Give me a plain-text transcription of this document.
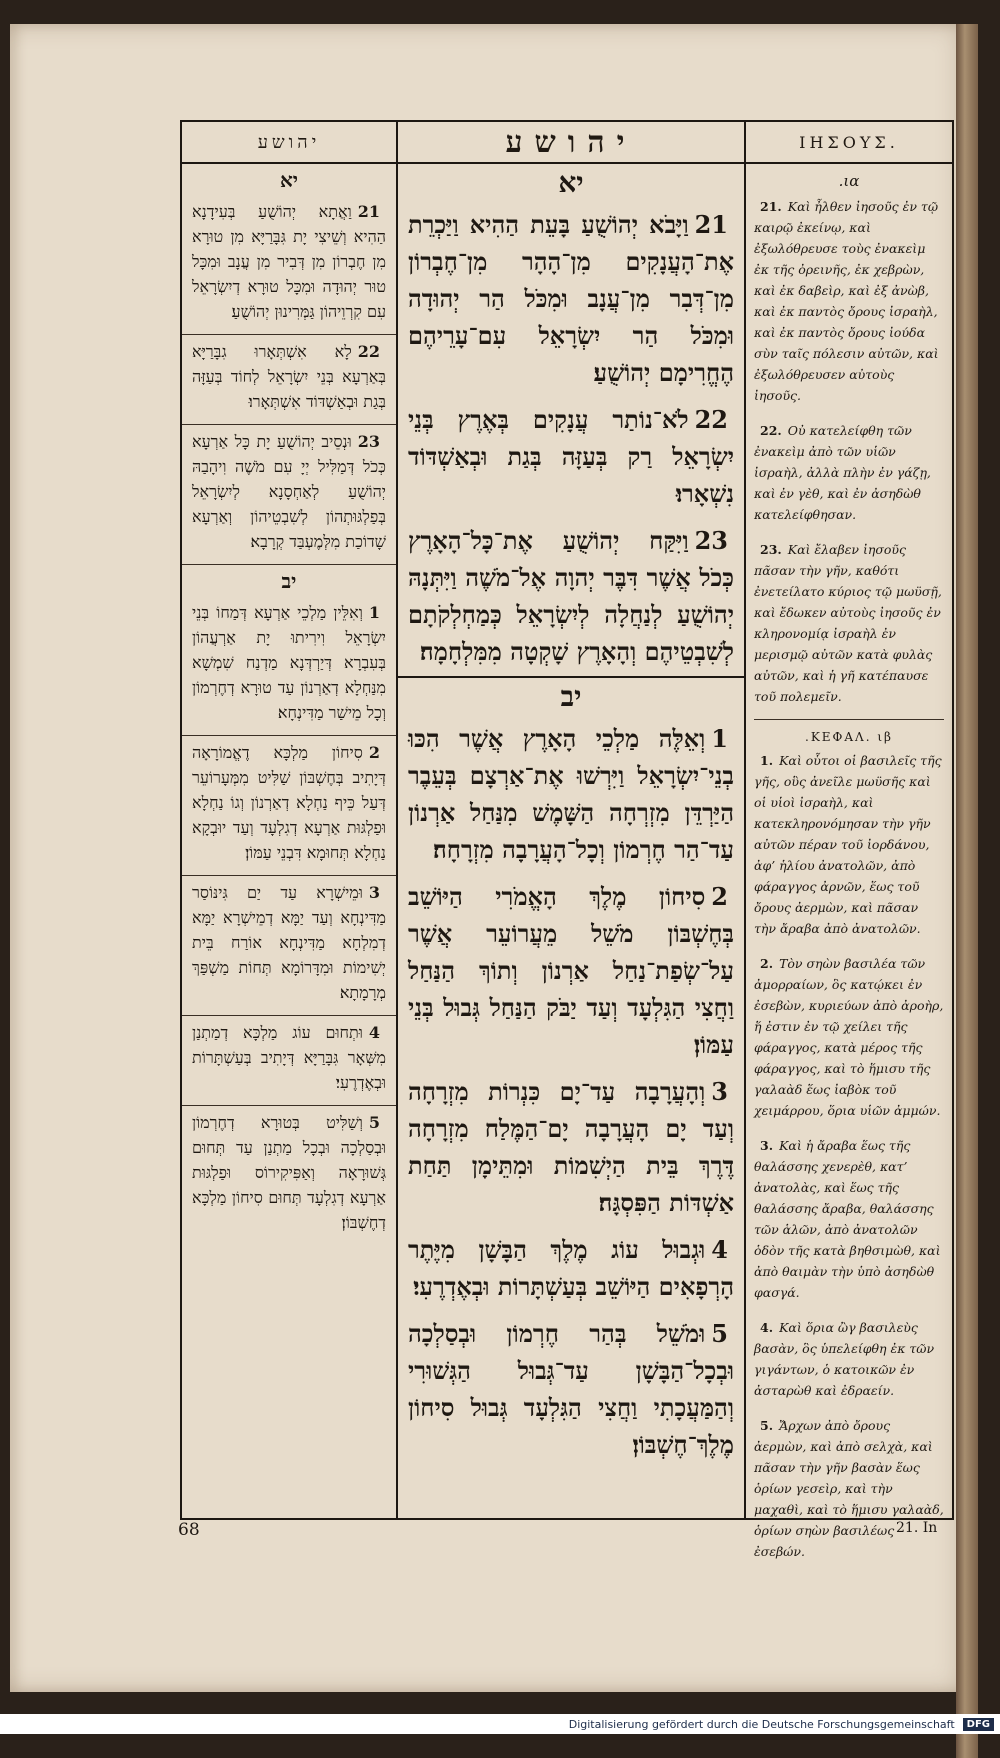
יהושע
יא
21וַאֲתָא יְהוֹשֻׁעַ בְּעִידָנָא הַהִיא וְשֵׁיצִי יָת גִּבָּרַיָּא מִן טוּרָא מִן חֶבְרוֹן מִן דְּבִיר מִן עֲנָב וּמִכָּל טוּר יְהוּדָה וּמִכָּל טוּרָא דְיִשְׂרָאֵל עִם קִרְוֵיהוֹן גַּמְּרִינוּן יְהוֹשֻׁעַ׃
22לָא אִשְׁתְּאָרוּ גִבָּרַיָּא בְּאַרְעָא בְּנֵי יִשְׂרָאֵל לְחוֹד בְּעַזָּה בְּגַת וּבְאַשְׁדּוֹד אִשְׁתְּאָרוּ׃
23וּנְסֵיב יְהוֹשֻׁעַ יָת כָּל אַרְעָא כְּכֹל דְּמַלִּיל יְיָ עִם מֹשֶׁה וִיהָבַהּ יְהוֹשֻׁעַ לְאַחְסָנָא לְיִשְׂרָאֵל בְּפַלְגּוּתְהוֹן לְשִׁבְטֵיהוֹן וְאַרְעָא שָׁדוֹכַת מִלְּמֶעְבַּד קְרָבָא׃
יב
1וְאִלֵּין מַלְכֵי אַרְעָא דְּמַחוֹ בְּנֵי יִשְׂרָאֵל וִירִיתוּ יָת אַרְעֲהוֹן בְּעִבְרָא דְּיַרְדְּנָא מַדְנַח שִׁמְשָׁא מִנַּחְלָא דְאַרְנוֹן עַד טוּרָא דְחֶרְמוֹן וְכָל מֵישַׁר מַדִּינְחָא׃
2סִיחוֹן מַלְכָּא דֶאֱמוֹרָאָה דְּיָתִיב בְּחֶשְׁבּוֹן שַׁלִּיט מִמְּעָרוֹעֵר דְּעַל כֵּיף נַחְלָא דְאַרְנוֹן וְגוֹ נַחְלָא וּפַלְגּוּת אַרְעָא דְגִלְעָד וְעַד יוּבְקָא נַחְלָא תְּחוּמָא דִּבְנֵי עַמּוֹן׃
3וּמֵישְׁרָא עַד יַם גִּינּוֹסַר מַדִּינְחָא וְעַד יַמָּא דְמֵישְׁרָא יַמָּא דְמִלְחָא מַדִּינְחָא אוֹרַח בֵּית יְשִׁימוֹת וּמִדָּרוֹמָא תְּחוֹת מַשְׁפַּךְ מְרָמָתָא׃
4וּתְחוּם עוֹג מַלְכָּא דְמַתְנַן מִשְּׁאָר גִּבָּרַיָּא דְּיָתִיב בְּעַשְׁתָּרוֹת וּבְאֶדְרֶעִי׃
5וְשַׁלִּיט בְּטוּרָא דְחֶרְמוֹן וּבְסַלְכָה וּבְכָל מַתְנַן עַד תְּחוּם גְּשׁוּרָאָה וְאַפִּיקִירוֹס וּפַלְגּוּת אַרְעָא דְגִלְעָד תְּחוּם סִיחוֹן מַלְכָּא דְחֶשְׁבּוֹן׃
יהושע
יא
21וַיָּבֹא יְהוֹשֻׁעַ בָּעֵת הַהִיא וַיַּכְרֵת אֶת־הָעֲנָקִים מִן־הָהָר מִן־חֶבְרוֹן מִן־דְּבִר מִן־עֲנָב וּמִכֹּל הַר יְהוּדָה וּמִכֹּל הַר יִשְׂרָאֵל עִם־עָרֵיהֶם הֶחֱרִימָם יְהוֹשֻׁעַ׃
22לֹא־נוֹתַר עֲנָקִים בְּאֶרֶץ בְּנֵי יִשְׂרָאֵל רַק בְּעַזָּה בְּגַת וּבְאַשְׁדּוֹד נִשְׁאָרוּ׃
23וַיִּקַּח יְהוֹשֻׁעַ אֶת־כָּל־הָאָרֶץ כְּכֹל אֲשֶׁר דִּבֶּר יְהוָה אֶל־מֹשֶׁה וַיִּתְּנָהּ יְהוֹשֻׁעַ לְנַחֲלָה לְיִשְׂרָאֵל כְּמַחְלְקֹתָם לְשִׁבְטֵיהֶם וְהָאָרֶץ שָׁקְטָה מִמִּלְחָמָה׃
יב
1וְאֵלֶּה מַלְכֵי הָאָרֶץ אֲשֶׁר הִכּוּ בְנֵי־יִשְׂרָאֵל וַיִּרְשׁוּ אֶת־אַרְצָם בְּעֵבֶר הַיַּרְדֵּן מִזְרְחָה הַשָּׁמֶשׁ מִנַּחַל אַרְנוֹן עַד־הַר חֶרְמוֹן וְכָל־הָעֲרָבָה מִזְרָחָה׃
2סִיחוֹן מֶלֶךְ הָאֱמֹרִי הַיּוֹשֵׁב בְּחֶשְׁבּוֹן מֹשֵׁל מֵעֲרוֹעֵר אֲשֶׁר עַל־שְׂפַת־נַחַל אַרְנוֹן וְתוֹךְ הַנַּחַל וַחֲצִי הַגִּלְעָד וְעַד יַבֹּק הַנַּחַל גְּבוּל בְּנֵי עַמּוֹן׃
3וְהָעֲרָבָה עַד־יָם כִּנְרוֹת מִזְרָחָה וְעַד יָם הָעֲרָבָה יָם־הַמֶּלַח מִזְרָחָה דֶּרֶךְ בֵּית הַיְשִׁמוֹת וּמִתֵּימָן תַּחַת אַשְׁדּוֹת הַפִּסְגָּה׃
4וּגְבוּל עוֹג מֶלֶךְ הַבָּשָׁן מִיֶּתֶר הָרְפָאִים הַיּוֹשֵׁב בְּעַשְׁתָּרוֹת וּבְאֶדְרֶעִי׃
5וּמֹשֵׁל בְּהַר חֶרְמוֹן וּבְסַלְכָה וּבְכָל־הַבָּשָׁן עַד־גְּבוּל הַגְּשׁוּרִי וְהַמַּעֲכָתִי וַחֲצִי הַגִּלְעָד גְּבוּל סִיחוֹן מֶלֶךְ־חֶשְׁבּוֹן׃
ΙΗΣΟΥΣ.
ια.
21. Καὶ ἦλθεν ἰησοῦς ἐν τῷ καιρῷ ἐκείνῳ, καὶ ἐξωλόθρευσε τοὺς ἐνακεὶμ ἐκ τῆς ὀρεινῆς, ἐκ χεβρὼν, καὶ ἐκ δαβεὶρ, καὶ ἐξ ἀνὼβ, καὶ ἐκ παντὸς ὄρους ἰσραὴλ, καὶ ἐκ παντὸς ὄρους ἰούδα σὺν ταῖς πόλεσιν αὐτῶν, καὶ ἐξωλόθρευσεν αὐτοὺς ἰησοῦς.
22. Οὐ κατελείφθη τῶν ἐνακεὶμ ἀπὸ τῶν υἱῶν ἰσραὴλ, ἀλλὰ πλὴν ἐν γάζῃ, καὶ ἐν γὲθ, καὶ ἐν ἀσηδὼθ κατελείφθησαν.
23. Καὶ ἔλαβεν ἰησοῦς πᾶσαν τὴν γῆν, καθότι ἐνετείλατο κύριος τῷ μωϋσῇ, καὶ ἔδωκεν αὐτοὺς ἰησοῦς ἐν κληρονομίᾳ ἰσραὴλ ἐν μερισμῷ αὐτῶν κατὰ φυλὰς αὐτῶν, καὶ ἡ γῆ κατέπαυσε τοῦ πολεμεῖν.
ΚΕΦΑΛ. ιβ.
1. Καὶ οὗτοι οἱ βασιλεῖς τῆς γῆς, οὓς ἀνεῖλε μωϋσῆς καὶ οἱ υἱοὶ ἰσραὴλ, καὶ κατεκληρονόμησαν τὴν γῆν αὐτῶν πέραν τοῦ ἰορδάνου, ἀφ’ ἡλίου ἀνατολῶν, ἀπὸ φάραγγος ἀρνῶν, ἕως τοῦ ὄρους ἀερμὼν, καὶ πᾶσαν τὴν ἄραβα ἀπὸ ἀνατολῶν.
2. Τὸν σηὼν βασιλέα τῶν ἀμορραίων, ὃς κατῴκει ἐν ἐσεβὼν, κυριεύων ἀπὸ ἀροὴρ, ἥ ἐστιν ἐν τῷ χείλει τῆς φάραγγος, κατὰ μέρος τῆς φάραγγος, καὶ τὸ ἥμισυ τῆς γαλαὰδ ἕως ἰαβὸκ τοῦ χειμάρρου, ὅρια υἱῶν ἀμμών.
3. Καὶ ἡ ἄραβα ἕως τῆς θαλάσσης χενερὲθ, κατ’ ἀνατολὰς, καὶ ἕως τῆς θαλάσσης ἄραβα, θαλάσσης τῶν ἁλῶν, ἀπὸ ἀνατολῶν ὁδὸν τῆς κατὰ βηθσιμὼθ, καὶ ἀπὸ θαιμὰν τὴν ὑπὸ ἀσηδὼθ φασγά.
4. Καὶ ὅρια ὢγ βασιλεὺς βασὰν, ὃς ὑπελείφθη ἐκ τῶν γιγάντων, ὁ κατοικῶν ἐν ἀσταρὼθ καὶ ἐδραείν.
5. Ἄρχων ἀπὸ ὄρους ἀερμὼν, καὶ ἀπὸ σελχὰ, καὶ πᾶσαν τὴν γῆν βασὰν ἕως ὁρίων γεσεὶρ, καὶ τὴν μαχαθὶ, καὶ τὸ ἥμισυ γαλαὰδ, ὁρίων σηὼν βασιλέως ἐσεβών.
68	21. In
Digitalisierung gefördert durch die Deutsche Forschungsgemeinschaft	DFG
